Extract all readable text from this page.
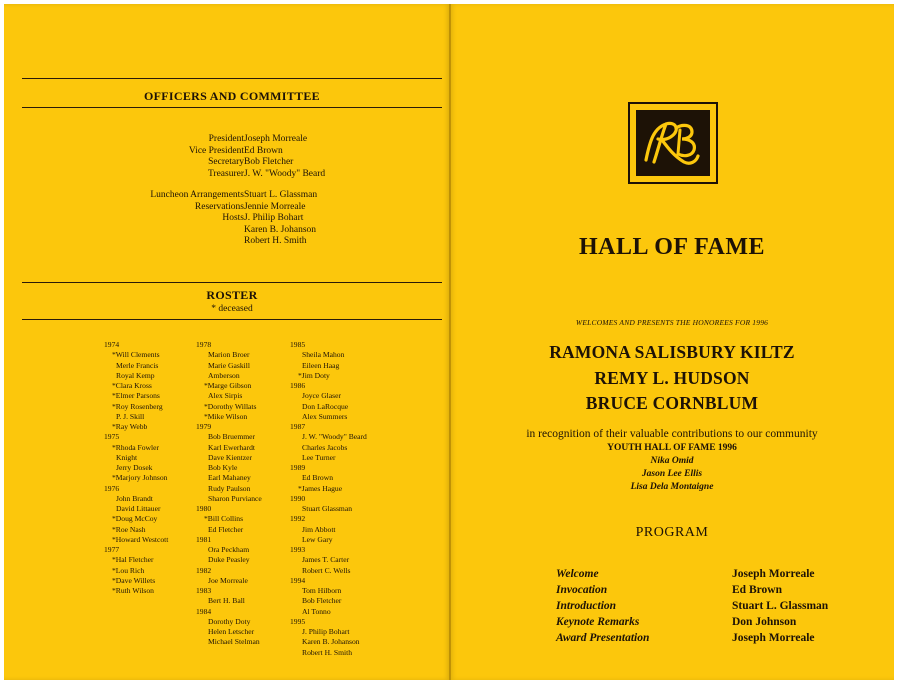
OFFICERS AND COMMITTEE
President Joseph Morreale
Vice President Ed Brown
Secretary Bob Fletcher
Treasurer J. W. "Woody" Beard
Luncheon Arrangements Stuart L. Glassman
Reservations Jennie Morreale
Hosts J. Philip Bohart
Karen B. Johanson
Robert H. Smith
ROSTER
* deceased
1974
*Will Clements
Merle Francis
Royal Kemp
*Clara Kross
*Elmer Parsons
*Roy Rosenberg
P. J. Skill
*Ray Webb
1975
*Rhoda Fowler
Knight
Jerry Dosek
*Marjory Johnson
1976
John Brandt
David Littauer
*Doug McCoy
*Roe Nash
*Howard Westcott
1977
*Hal Fletcher
*Lou Rich
*Dave Willets
*Ruth Wilson
1978
Marion Broer
Marie Gaskill
Amberson
*Marge Gibson
Alex Sirpis
*Dorothy Willats
*Mike Wilson
1979
Bob Bruemmer
Karl Ewerhardt
Dave Kientzer
Bob Kyle
Earl Mahaney
Rudy Paulson
Sharon Purviance
1980
*Bill Collins
Ed Fletcher
1981
Ora Peckham
Duke Peasley
1982
Joe Morreale
1983
Bert H. Ball
1984
Dorothy Doty
Helen Letscher
Michael Stelman
1985
Sheila Mahon
Eileen Haag
*Jim Doty
1986
Joyce Glaser
Don LaRocque
Alex Summers
1987
J. W. "Woody" Beard
Charles Jacobs
Lee Turner
1989
Ed Brown
*James Hague
1990
Stuart Glassman
1992
Jim Abbott
Lew Gary
1993
James T. Carter
Robert C. Wells
1994
Tom Hilborn
Bob Fletcher
Al Tonno
1995
J. Philip Bohart
Karen B. Johanson
Robert H. Smith
HALL OF FAME
WELCOMES AND PRESENTS THE HONOREES FOR 1996
RAMONA SALISBURY KILTZ
REMY L. HUDSON
BRUCE CORNBLUM
in recognition of their valuable contributions to our community
YOUTH HALL OF FAME 1996
Nika Omid
Jason Lee Ellis
Lisa Dela Montaigne
PROGRAM
Welcome	Joseph Morreale
Invocation	Ed Brown
Introduction	Stuart L. Glassman
Keynote Remarks	Don Johnson
Award Presentation	Joseph Morreale
